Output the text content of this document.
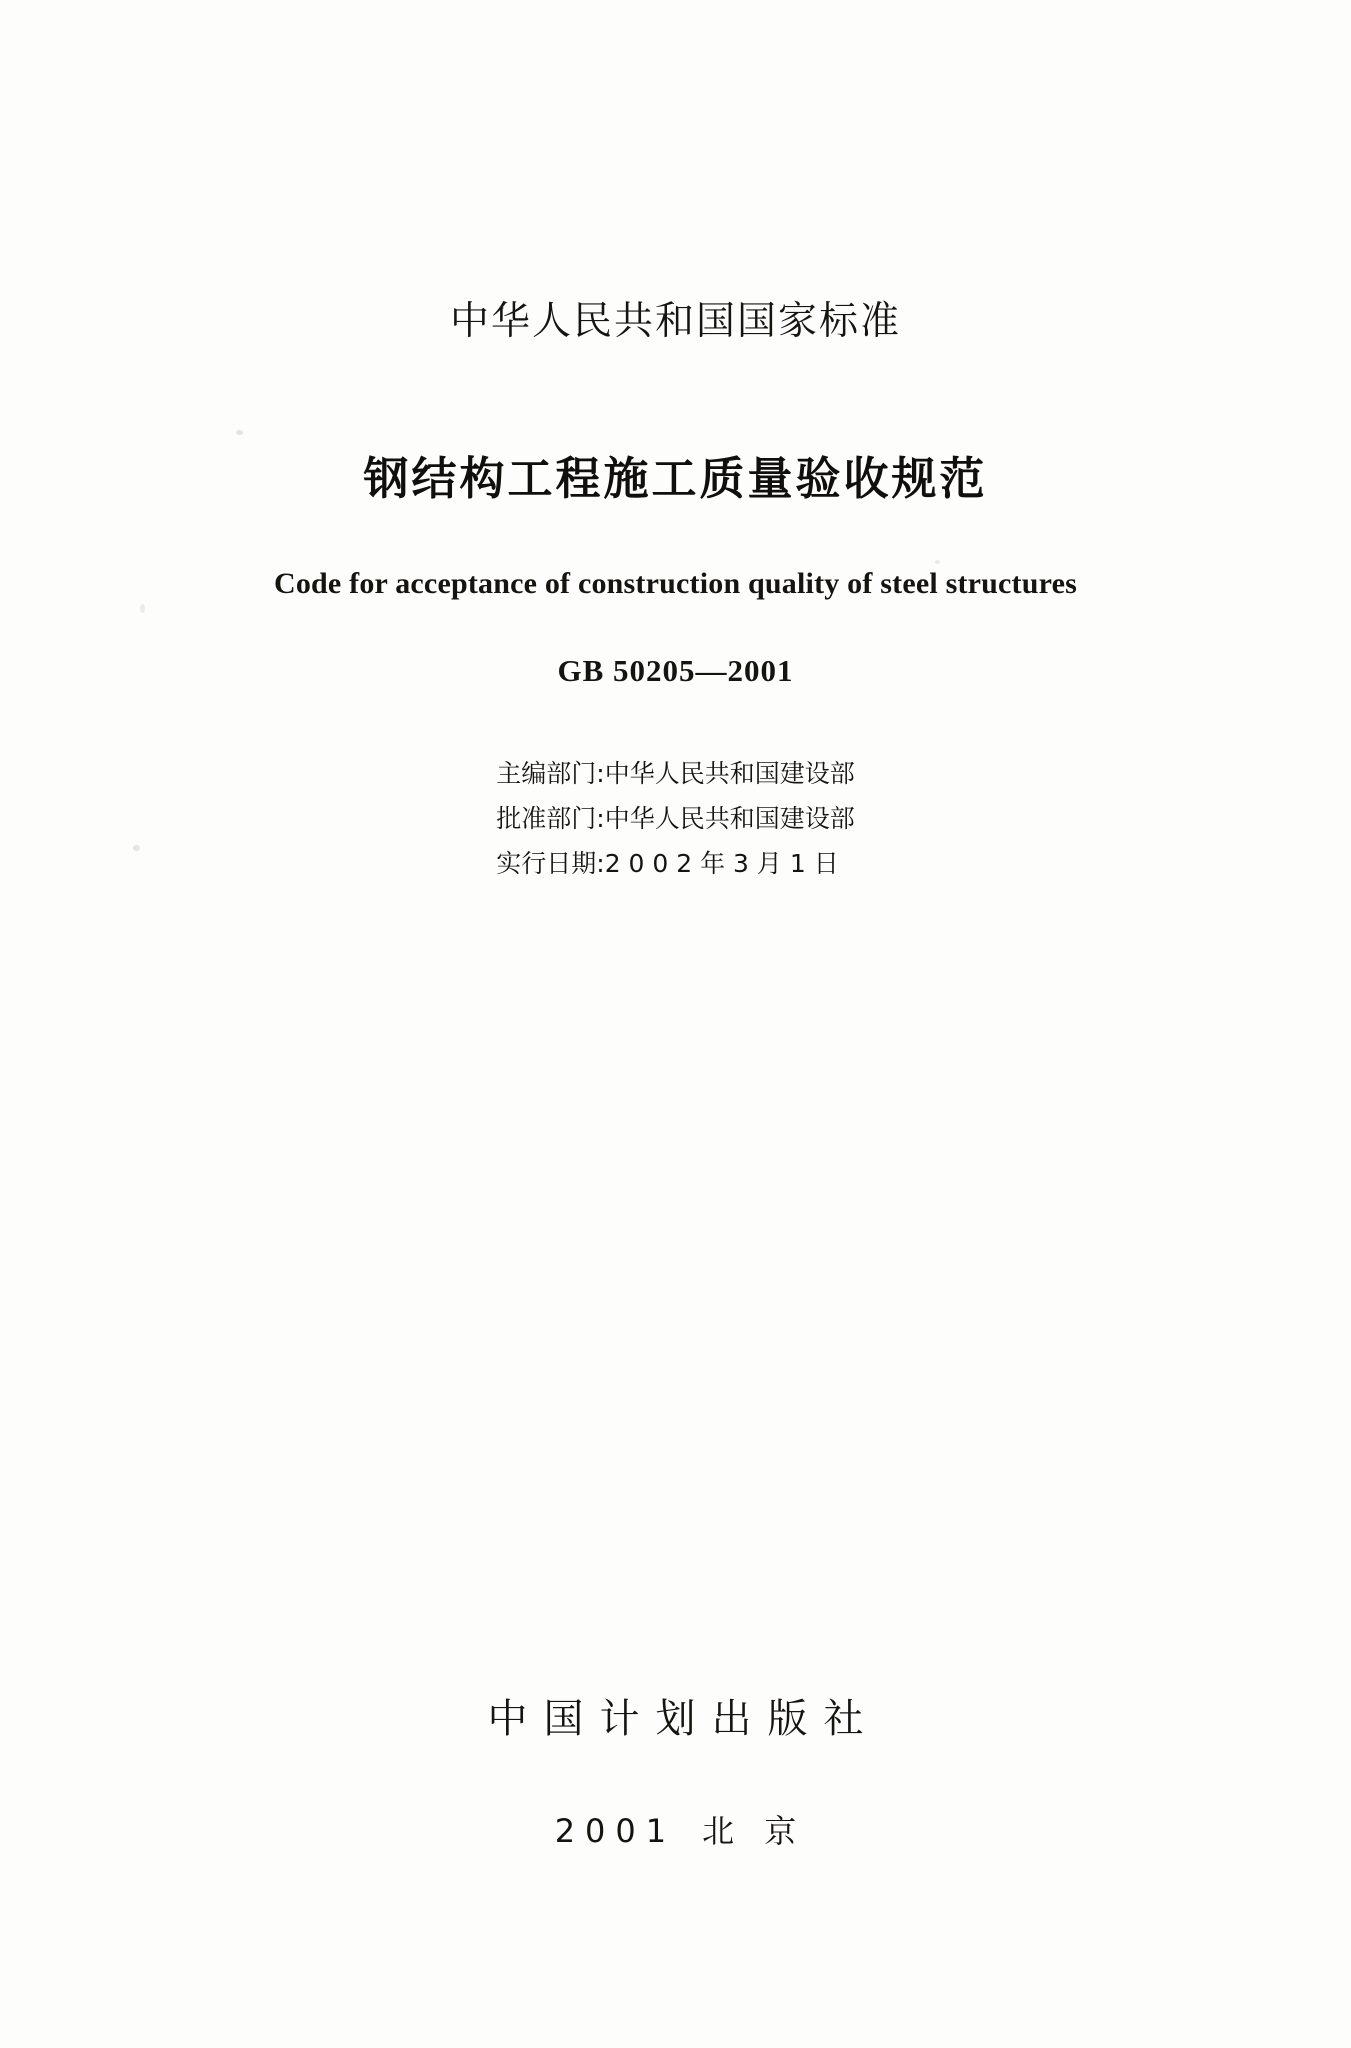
中华人民共和国国家标准
钢结构工程施工质量验收规范
Code for acceptance of construction quality of steel structures
GB 50205—2001
主编部门:中华人民共和国建设部
批准部门:中华人民共和国建设部
实行日期:2 0 0 2 年 3 月 1 日
中国计划出版社
2001 北 京
